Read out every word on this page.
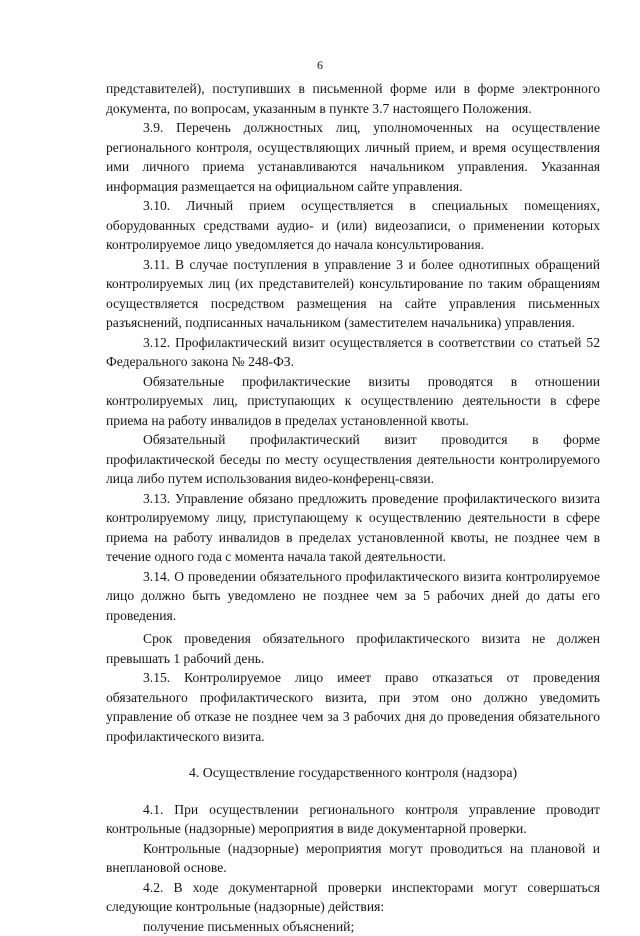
6

представителей), поступивших в письменной форме или в форме электронного документа, по вопросам, указанным в пункте 3.7 настоящего Положения.

3.9. Перечень должностных лиц, уполномоченных на осуществление регионального контроля, осуществляющих личный прием, и время осуществления ими личного приема устанавливаются начальником управления. Указанная информация размещается на официальном сайте управления.

3.10. Личный прием осуществляется в специальных помещениях, оборудованных средствами аудио- и (или) видеозаписи, о применении которых контролируемое лицо уведомляется до начала консультирования.

3.11. В случае поступления в управление 3 и более однотипных обращений контролируемых лиц (их представителей) консультирование по таким обращениям осуществляется посредством размещения на сайте управления письменных разъяснений, подписанных начальником (заместителем начальника) управления.

3.12. Профилактический визит осуществляется в соответствии со статьей 52 Федерального закона № 248-ФЗ.

Обязательные профилактические визиты проводятся в отношении контролируемых лиц, приступающих к осуществлению деятельности в сфере приема на работу инвалидов в пределах установленной квоты.

Обязательный профилактический визит проводится в форме профилактической беседы по месту осуществления деятельности контролируемого лица либо путем использования видео-конференц-связи.

3.13. Управление обязано предложить проведение профилактического визита контролируемому лицу, приступающему к осуществлению деятельности в сфере приема на работу инвалидов в пределах установленной квоты, не позднее чем в течение одного года с момента начала такой деятельности.

3.14. О проведении обязательного профилактического визита контролируемое лицо должно быть уведомлено не позднее чем за 5 рабочих дней до даты его проведения.

Срок проведения обязательного профилактического визита не должен превышать 1 рабочий день.

3.15. Контролируемое лицо имеет право отказаться от проведения обязательного профилактического визита, при этом оно должно уведомить управление об отказе не позднее чем за 3 рабочих дня до проведения обязательного профилактического визита.

4. Осуществление государственного контроля (надзора)

4.1. При осуществлении регионального контроля управление проводит контрольные (надзорные) мероприятия в виде документарной проверки.

Контрольные (надзорные) мероприятия могут проводиться на плановой и внеплановой основе.

4.2. В ходе документарной проверки инспекторами могут совершаться следующие контрольные (надзорные) действия:

получение письменных объяснений;
